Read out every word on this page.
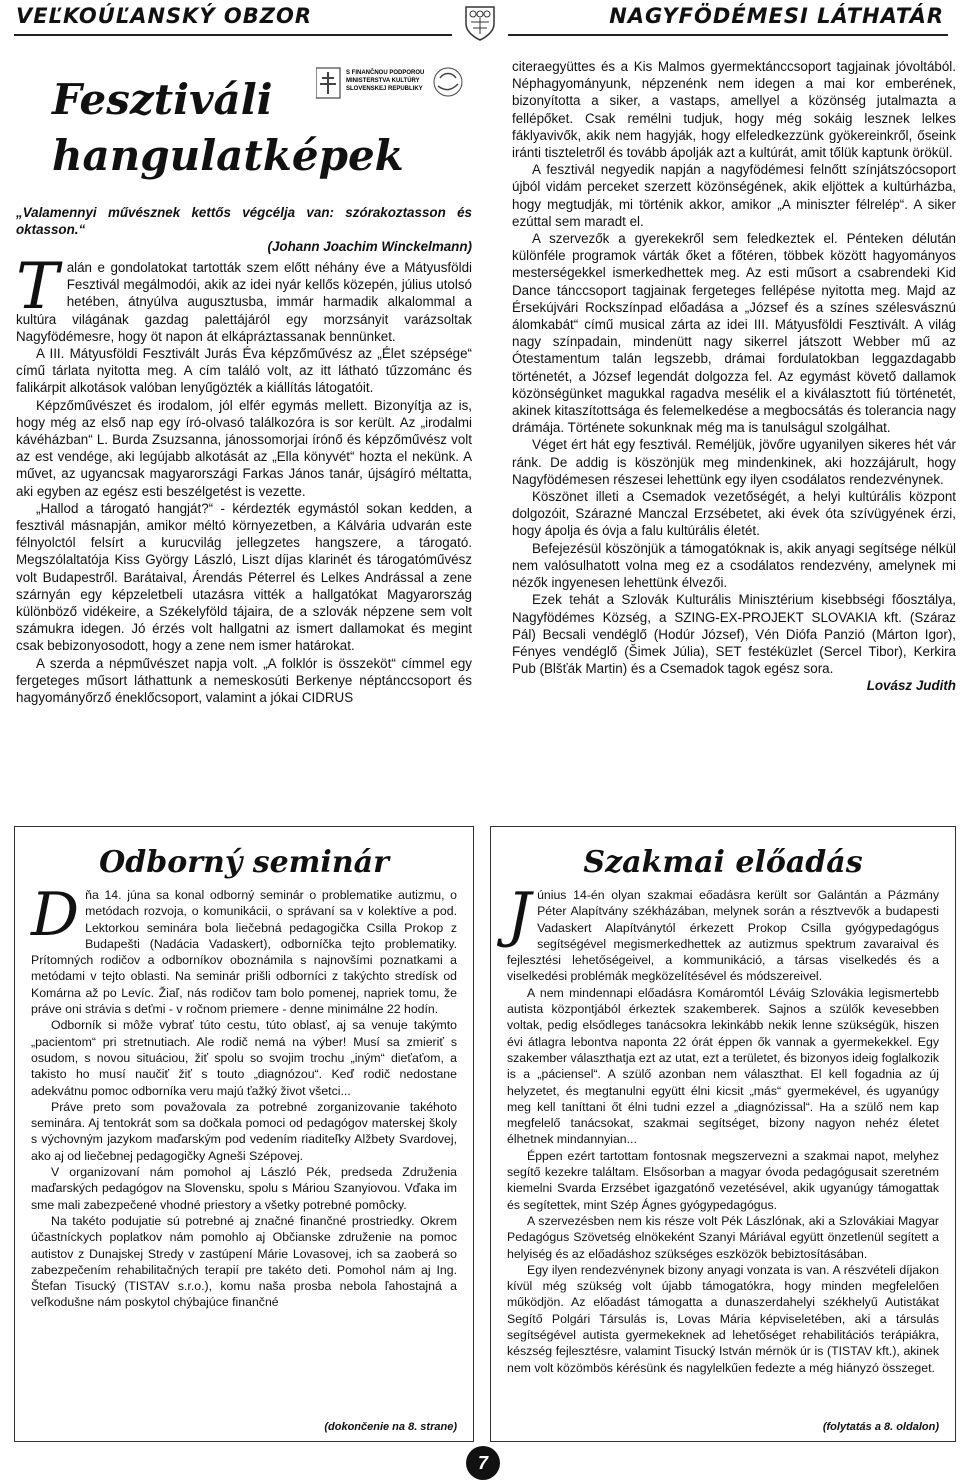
VEĽKOÚĽANSKÝ OBZOR	NAGYFÖDÉMESI LÁTHATÁR
Fesztiváli
hangulatképek
S FINANČNOU PODPOROU
MINISTERSTVA KULTÚRY
SLOVENSKEJ REPUBLIKY

„Valamennyi művésznek kettős végcélja van: szórakoztasson és oktasson.“

(Johann Joachim Winckelmann)

T alán e gondolatokat tartották szem előtt néhány éve a Mátyusföldi Fesztivál megálmodói, akik az idei nyár kellős közepén, július utolsó hetében, átnyúlva augusztusba, immár harmadik alkalommal a kultúra világának gazdag palettájáról egy morzsányit varázsoltak Nagyfödémesre, hogy öt napon át elkápráztassanak bennünket.

A III. Mátyusföldi Fesztivált Jurás Éva képzőművész az „Élet szépsége“ című tárlata nyitotta meg. A cím találó volt, az itt látható tűzzománc és falikárpit alkotások valóban lenyűgözték a kiállítás látogatóit.

Képzőművészet és irodalom, jól elfér egymás mellett. Bizonyítja az is, hogy még az első nap egy író-olvasó találkozóra is sor került. Az „irodalmi kávéházban“ L. Burda Zsuzsanna, jánossomorjai írónő és képzőművész volt az est vendége, aki legújabb alkotását az „Ella könyvét“ hozta el nekünk. A művet, az ugyancsak magyarországi Farkas János tanár, újságíró méltatta, aki egyben az egész esti beszélgetést is vezette.

„Hallod a tárogató hangját?“ - kérdezték egymástól sokan kedden, a fesztivál másnapján, amikor méltó környezetben, a Kálvária udvarán este félnyolctól felsírt a kurucvilág jellegzetes hangszere, a tárogató. Megszólaltatója Kiss György László, Liszt díjas klarinét és tárogatóművész volt Budapestről. Barátaival, Árendás Péterrel és Lelkes Andrással a zene szárnyán egy képzeletbeli utazásra vitték a hallgatókat Magyarország különböző vidékeire, a Székelyföld tájaira, de a szlovák népzene sem volt számukra idegen. Jó érzés volt hallgatni az ismert dallamokat és megint csak bebizonyosodott, hogy a zene nem ismer határokat.

A szerda a népművészet napja volt. „A folklór is összeköt“ címmel egy fergeteges műsort láthattunk a nemeskosúti Berkenye néptánccsoport és hagyományőrző éneklőcsoport, valamint a jókai CIDRUS

citeraegyüttes és a Kis Malmos gyermektánccsoport tagjainak jóvoltából. Néphagyományunk, népzenénk nem idegen a mai kor emberének, bizonyította a siker, a vastaps, amellyel a közönség jutalmazta a fellépőket. Csak remélni tudjuk, hogy még sokáig lesznek lelkes fáklyavivők, akik nem hagyják, hogy elfeledkezzünk gyökereinkről, őseink iránti tiszteletről és tovább ápolják azt a kultúrát, amit tőlük kaptunk örökül.

A fesztivál negyedik napján a nagyfödémesi felnőtt színjátszócsoport újból vidám perceket szerzett közönségének, akik eljöttek a kultúrházba, hogy megtudják, mi történik akkor, amikor „A miniszter félrelép“. A siker ezúttal sem maradt el.

A szervezők a gyerekekről sem feledkeztek el. Pénteken délután különféle programok várták őket a főtéren, többek között hagyományos mesterségekkel ismerkedhettek meg. Az esti műsort a csabrendeki Kid Dance tánccsoport tagjainak fergeteges fellépése nyitotta meg. Majd az Érsekújvári Rockszínpad előadása a „József és a színes szélesvásznú álomkabát“ című musical zárta az idei III. Mátyusföldi Fesztivált. A világ nagy színpadain, mindenütt nagy sikerrel játszott Webber mű az Ótestamentum talán legszebb, drámai fordulatokban leggazdagabb történetét, a József legendát dolgozza fel. Az egymást követő dallamok közönségünket magukkal ragadva mesélik el a kiválasztott fiú történetét, akinek kitaszítottsága és felemelkedése a megbocsátás és tolerancia nagy drámája. Története sokunknak még ma is tanulságul szolgálhat.

Véget ért hát egy fesztivál. Reméljük, jövőre ugyanilyen sikeres hét vár ránk. De addig is köszönjük meg mindenkinek, aki hozzájárult, hogy Nagyfödémesen részesei lehettünk egy ilyen csodálatos rendezvénynek.

Köszönet illeti a Csemadok vezetőségét, a helyi kultúrális központ dolgozóit, Szárazné Manczal Erzsébetet, aki évek óta szívügyének érzi, hogy ápolja és óvja a falu kultúrális életét.

Befejezésül köszönjük a támogatóknak is, akik anyagi segítsége nélkül nem valósulhatott volna meg ez a csodálatos rendezvény, amelynek mi nézők ingyenesen lehettünk élvezői.

Ezek tehát a Szlovák Kulturális Minisztérium kisebbségi főosztálya, Nagyfödémes Község, a SZING-EX-PROJEKT SLOVAKIA kft. (Száraz Pál) Becsali vendéglő (Hodúr József), Vén Diófa Panzió (Márton Igor), Fényes vendéglő (Šimek Júlia), SET festéküzlet (Sercel Tibor), Kerkira Pub (Blšťák Martin) és a Csemadok tagok egész sora.

Lovász Judith

Odborný seminár
D ňa 14. júna sa konal odborný seminár o problematike autizmu, o metódach rozvoja, o komunikácii, o správaní sa v kolektíve a pod. Lektorkou seminára bola liečebná pedagogička Csilla Prokop z Budapešti (Nadácia Vadaskert), odborníčka tejto problematiky. Prítomných rodičov a odborníkov oboznámila s najnovšími poznatkami a metódami v tejto oblasti. Na seminár prišli odborníci z takýchto stredísk od Komárna až po Levíc. Žiaľ, nás rodičov tam bolo pomenej, napriek tomu, že práve oni strávia s deťmi - v ročnom priemere - denne minimálne 22 hodín.

Odborník si môže vybrať túto cestu, túto oblasť, aj sa venuje takýmto „pacientom“ pri stretnutiach. Ale rodič nemá na výber! Musí sa zmieriť s osudom, s novou situáciou, žiť spolu so svojim trochu „iným“ dieťaťom, a takisto ho musí naučiť žiť s touto „diagnózou“. Keď rodič nedostane adekvátnu pomoc odborníka veru majú ťažký život všetci...

Práve preto som považovala za potrebné zorganizovanie takéhoto seminára. Aj tentokrát som sa dočkala pomoci od pedagógov materskej školy s výchovným jazykom maďarským pod vedením riaditeľky Alžbety Svardovej, ako aj od liečebnej pedagogičky Agneši Szépovej.

V organizovaní nám pomohol aj László Pék, predseda Združenia maďarských pedagógov na Slovensku, spolu s Máriou Szanyiovou. Vďaka im sme mali zabezpečené vhodné priestory a všetky potrebné pomôcky.

Na takéto podujatie sú potrebné aj značné finančné prostriedky. Okrem účastníckych poplatkov nám pomohlo aj Občianske združenie na pomoc autistov z Dunajskej Stredy v zastúpení Márie Lovasovej, ich sa zaoberá so zabezpečením rehabilitačných terapií pre takéto deti. Pomohol nám aj Ing. Štefan Tisucký (TISTAV s.r.o.), komu naša prosba nebola ľahostajná a veľkodušne nám poskytol chýbajúce finančné

(dokončenie na 8. strane)
Szakmai előadás
J únius 14-én olyan szakmai eőadásra került sor Galántán a Pázmány Péter Alapítvány székházában, melynek során a résztvevők a budapesti Vadaskert Alapítványtól érkezett Prokop Csilla gyógypedagógus segítségével megismerkedhettek az autizmus spektrum zavaraival és fejlesztési lehetőségeivel, a kommunikáció, a társas viselkedés és a viselkedési problémák megközelítésével és módszereivel.

A nem mindennapi előadásra Komáromtól Léváig Szlovákia legismertebb autista központjából érkeztek szakemberek. Sajnos a szülők kevesebben voltak, pedig elsődleges tanácsokra lekinkább nekik lenne szükségük, hiszen évi átlagra lebontva naponta 22 órát éppen ők vannak a gyermekekkel. Egy szakember választhatja ezt az utat, ezt a területet, és bizonyos ideig foglalkozik is a „páciensel“. A szülő azonban nem választhat. El kell fogadnia az új helyzetet, és megtanulni együtt élni kicsit „más“ gyermekével, és ugyanúgy meg kell taníttani őt élni tudni ezzel a „diagnózissal“. Ha a szülő nem kap megfelelő tanácsokat, szakmai segítséget, bizony nagyon nehéz életet élhetnek mindannyian...

Éppen ezért tartottam fontosnak megszervezni a szakmai napot, melyhez segítő kezekre találtam. Elsősorban a magyar óvoda pedagógusait szeretném kiemelni Svarda Erzsébet igazgatónő vezetésével, akik ugyanúgy támogattak és segítettek, mint Szép Ágnes gyógypedagógus.

A szervezésben nem kis része volt Pék Lászlónak, aki a Szlovákiai Magyar Pedagógus Szövetség elnökeként Szanyi Máriával együtt önzetlenül segített a helyiség és az előadáshoz szükséges eszközök bebiztosításában.

Egy ilyen rendezvénynek bizony anyagi vonzata is van. A részvételi díjakon kívül még szükség volt újabb támogatókra, hogy minden megfelelően működjön. Az előadást támogatta a dunaszerdahelyi székhelyű Autistákat Segítő Polgári Társulás is, Lovas Mária képviseletében, aki a társulás segítségével autista gyermekeknek ad lehetőséget rehabilitációs terápiákra, készség fejlesztésre, valamint Tisucký István mérnök úr is (TISTAV kft.), akinek nem volt közömbös kérésünk és nagylelkűen fedezte a még hiányzó összeget.

(folytatás a 8. oldalon)
7
